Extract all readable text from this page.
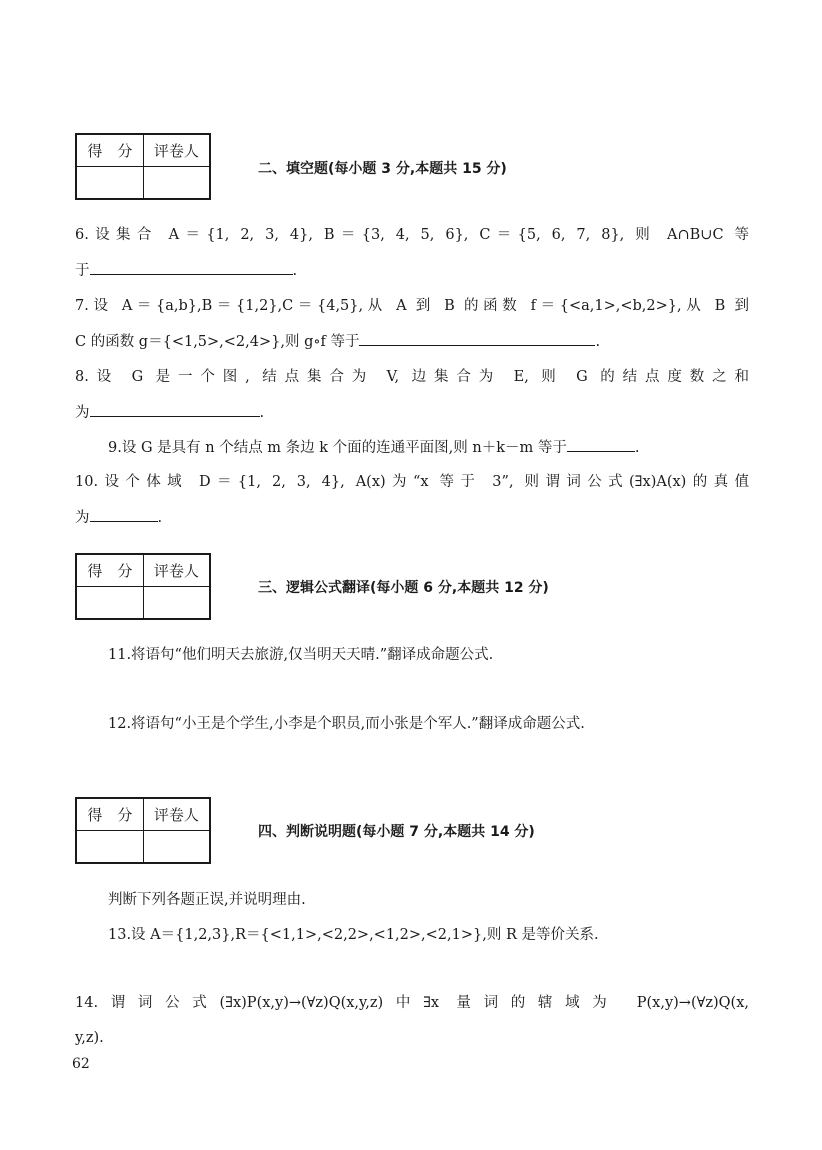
得　分	评卷人

二、填空题(每小题 3 分,本题共 15 分)
6.设集合 A＝{1, 2, 3, 4}, B＝{3, 4, 5, 6}, C＝{5, 6, 7, 8}, 则 A∩B∪C 等
于	.
7.设 A＝{a,b},B＝{1,2},C＝{4,5},从 A 到 B 的函数 f＝{<a,1>,<b,2>},从 B 到
C 的函数 g＝{<1,5>,<2,4>},则 g∘f 等于	.
8.设 G 是一个图, 结点集合为 V, 边集合为 E, 则 G 的结点度数之和
为	.
9.设 G 是具有 n 个结点 m 条边 k 个面的连通平面图,则 n＋k－m 等于	.
10.设个体域 D＝{1, 2, 3, 4}, A(x)为“x 等于 3”, 则谓词公式(∃x)A(x)的真值
为	.
得　分	评卷人

三、逻辑公式翻译(每小题 6 分,本题共 12 分)
11.将语句“他们明天去旅游,仅当明天天晴.”翻译成命题公式.
12.将语句“小王是个学生,小李是个职员,而小张是个军人.”翻译成命题公式.
得　分	评卷人

四、判断说明题(每小题 7 分,本题共 14 分)
判断下列各题正误,并说明理由.
13.设 A＝{1,2,3},R＝{<1,1>,<2,2>,<1,2>,<2,1>},则 R 是等价关系.
14.谓词公式(∃x)P(x,y)→(∀z)Q(x,y,z)中∃x 量词的辖域为 P(x,y)→(∀z)Q(x,
y,z).
62
